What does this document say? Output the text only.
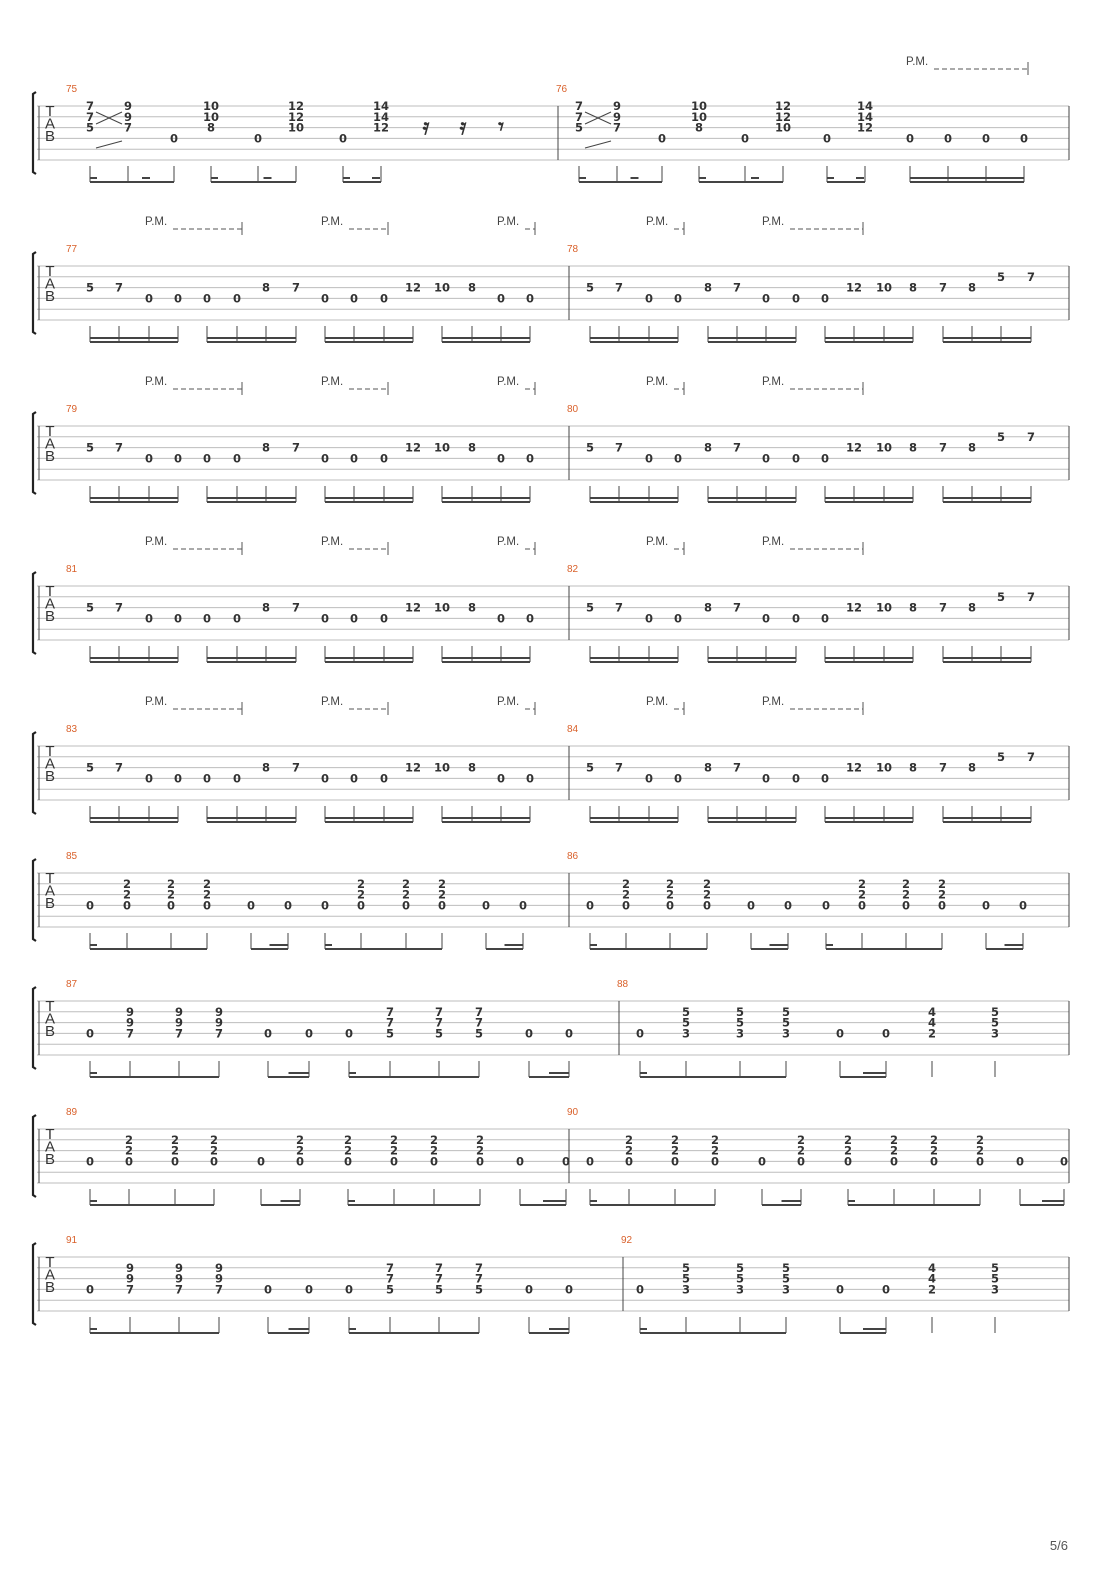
T
A
B
75	76
7
7
5
9
9
7
0
10
10
8
0
12
12
10
0
14
14
12
7
7
5
9
9
7
0
10
10
8
0
12
12
10
0
14
14
12
0	0	0	0
𝄿 𝄿 𝄾
P.M.
T
A
B
77	78
5 7
0 0 0 0
8 7
0 0 0
12 10 8
0 0
P.M.	P.M.	P.M.
5 7
0 0
8 7
0 0 0
12 10 8 7 8
5 7
P.M.	P.M.
T
A
B
79	80
5 7
0 0 0 0
8 7
0 0 0
12 10 8
0 0
P.M.	P.M.	P.M.
5 7
0 0
8 7
0 0 0
12 10 8 7 8
5 7
P.M.	P.M.
T
A
B
81	82
5 7
0 0 0 0
8 7
0 0 0
12 10 8
0 0
P.M.	P.M.	P.M.
5 7
0 0
8 7
0 0 0
12 10 8 7 8
5 7
P.M.	P.M.
T
A
B
83	84
5 7
0 0 0 0
8 7
0 0 0
12 10 8
0 0
P.M.	P.M.	P.M.
5 7
0 0
8 7
0 0 0
12 10 8 7 8
5 7
P.M.	P.M.
T
A
B
85	86
0
2
2
0
2
2
0
2
2
0	0	0	0
2
2
0
2
2
0
2
2
0	0	0	0
2
2
0
2
2
0
2
2
0	0	0	0
2
2
0
2
2
0
2
2
0	0	0
T
A
B
87	88
0
9
9
7
9
9
7
9
9
7	0	0	0
7
7
5
7
7
5
7
7
5	0	0	0
5
5
3
5
5
3
5
5
3	0	0
4
4
2
5
5
3
T
A
B
89	90
0
2
2
0
2
2
0
2
2
0	0
2
2
0
2
2
0
2
2
0
2
2
0
2
2
0	0	0 0
2
2
0
2
2
0
2
2
0	0
2
2
0
2
2
0
2
2
0
2
2
0
2
2
0	0	0
T
A
B
91	92
0
9
9
7
9
9
7
9
9
7	0	0	0
7
7
5
7
7
5
7
7
5	0	0	0
5
5
3
5
5
3
5
5
3	0	0
4
4
2
5
5
3
5/6
